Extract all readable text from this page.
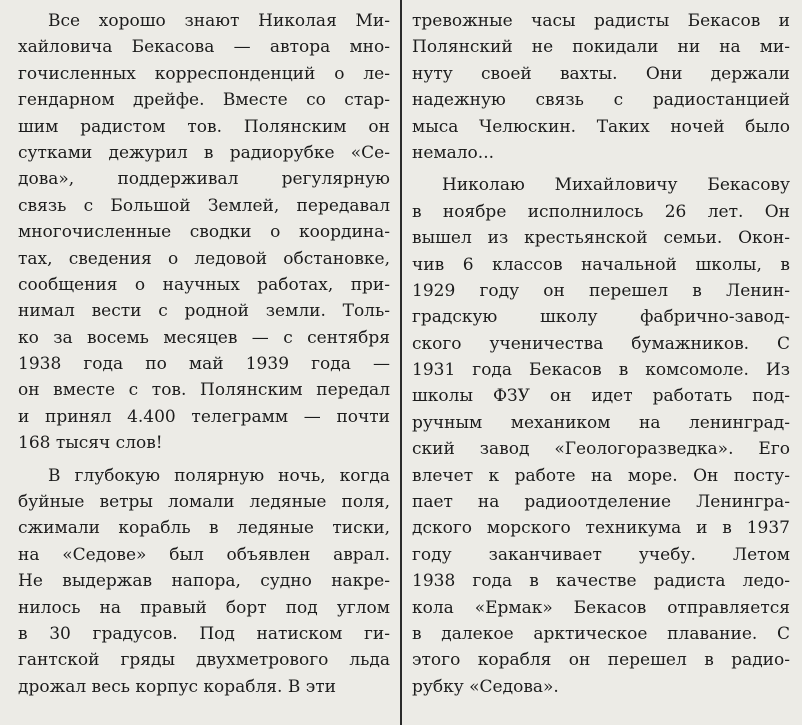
Все хорошо знают Николая Ми-
хайловича Бекасова — автора мно-
гочисленных корреспонденций о ле-
гендарном дрейфе. Вместе со стар-
шим радистом тов. Полянским он
сутками дежурил в радиорубке «Се-
дова», поддерживал регулярную
связь с Большой Землей, передавал
многочисленные сводки о координа-
тах, сведения о ледовой обстановке,
сообщения о научных работах, при-
нимал вести с родной земли. Толь-
ко за восемь месяцев — с сентября
1938 года по май 1939 года —
он вместе с тов. Полянским передал
и принял 4.400 телеграмм — почти
168 тысяч слов!
В глубокую полярную ночь, когда
буйные ветры ломали ледяные поля,
сжимали корабль в ледяные тиски,
на «Седове» был объявлен аврал.
Не выдержав напора, судно накре-
нилось на правый борт под углом
в 30 градусов. Под натиском ги-
гантской гряды двухметрового льда
дрожал весь корпус корабля. В эти
тревожные часы радисты Бекасов и
Полянский не покидали ни на ми-
нуту своей вахты. Они держали
надежную связь с радиостанцией
мыса Челюскин. Таких ночей было
немало...
Николаю Михайловичу Бекасову
в ноябре исполнилось 26 лет. Он
вышел из крестьянской семьи. Окон-
чив 6 классов начальной школы, в
1929 году он перешел в Ленин-
градскую школу фабрично-завод-
ского ученичества бумажников. С
1931 года Бекасов в комсомоле. Из
школы ФЗУ он идет работать под-
ручным механиком на ленинград-
ский завод «Геологоразведка». Его
влечет к работе на море. Он посту-
пает на радиоотделение Ленингра-
дского морского техникума и в 1937
году заканчивает учебу. Летом
1938 года в качестве радиста ледо-
кола «Ермак» Бекасов отправляется
в далекое арктическое плавание. С
этого корабля он перешел в радио-
рубку «Седова».
